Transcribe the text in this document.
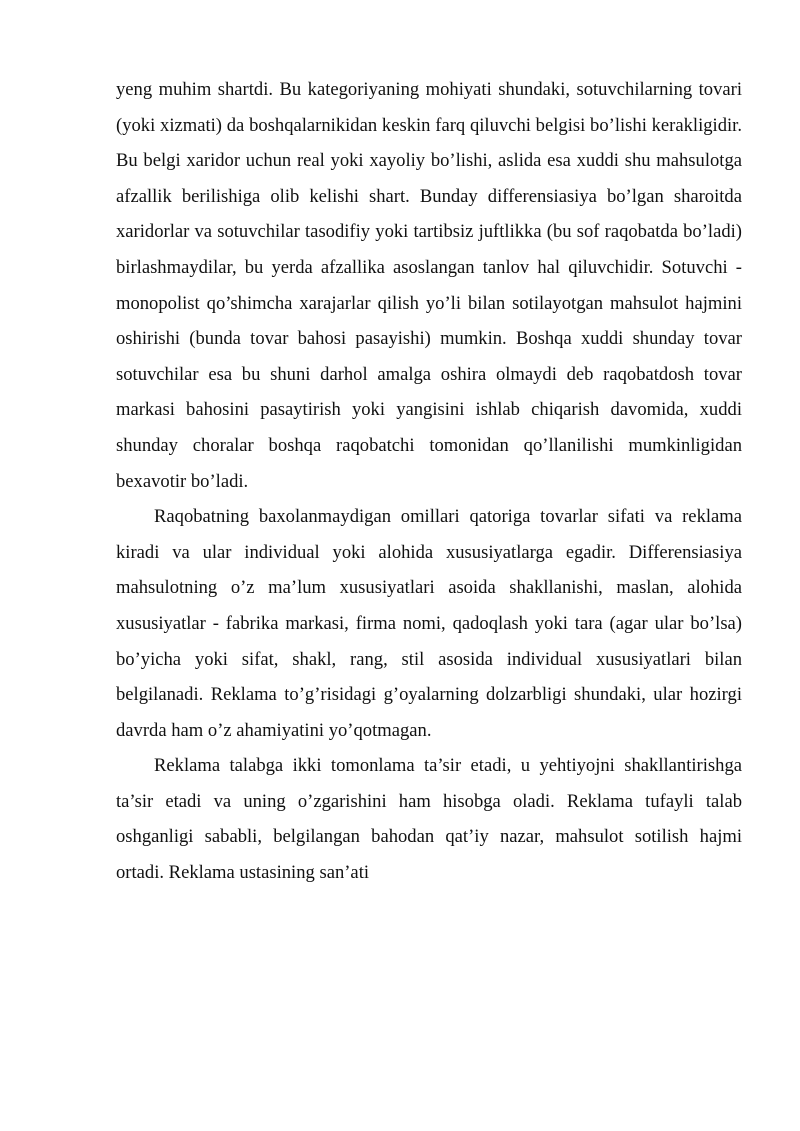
yeng muhim shartdi. Bu kategoriyaning mohiyati shundaki, sotuvchilarning tovari (yoki xizmati) da boshqalarnikidan keskin farq qiluvchi belgisi bo’lishi kerakligidir. Bu belgi xaridor uchun real yoki xayoliy bo’lishi, aslida esa xuddi shu mahsulotga afzallik berilishiga olib kelishi shart. Bunday differensiasiya bo’lgan sharoitda xaridorlar va sotuvchilar tasodifiy yoki tartibsiz juftlikka (bu sof raqobatda bo’ladi) birlashmaydilar, bu yerda afzallika asoslangan tanlov hal qiluvchidir. Sotuvchi - monopolist qo’shimcha xarajarlar qilish yo’li bilan sotilayotgan mahsulot hajmini oshirishi (bunda tovar bahosi pasayishi) mumkin. Boshqa xuddi shunday tovar sotuvchilar esa bu shuni darhol amalga oshira olmaydi deb raqobatdosh tovar markasi bahosini pasaytirish yoki yangisini ishlab chiqarish davomida, xuddi shunday choralar boshqa raqobatchi tomonidan qo’llanilishi mumkinligidan bexavotir bo’ladi.

Raqobatning baxolanmaydigan omillari qatoriga tovarlar sifati va reklama kiradi va ular individual yoki alohida xususiyatlarga egadir. Differensiasiya mahsulotning o’z ma’lum xususiyatlari asoida shakllanishi, maslan, alohida xususiyatlar - fabrika markasi, firma nomi, qadoqlash yoki tara (agar ular bo’lsa) bo’yicha yoki sifat, shakl, rang, stil asosida individual xususiyatlari bilan belgilanadi. Reklama to’g’risidagi g’oyalarning dolzarbligi shundaki, ular hozirgi davrda ham o’z ahamiyatini yo’qotmagan.

Reklama talabga ikki tomonlama ta’sir etadi, u yehtiyojni shakllantirishga ta’sir etadi va uning o’zgarishini ham hisobga oladi. Reklama tufayli talab oshganligi sababli, belgilangan bahodan qat’iy nazar, mahsulot sotilish hajmi ortadi. Reklama ustasining san’ati
